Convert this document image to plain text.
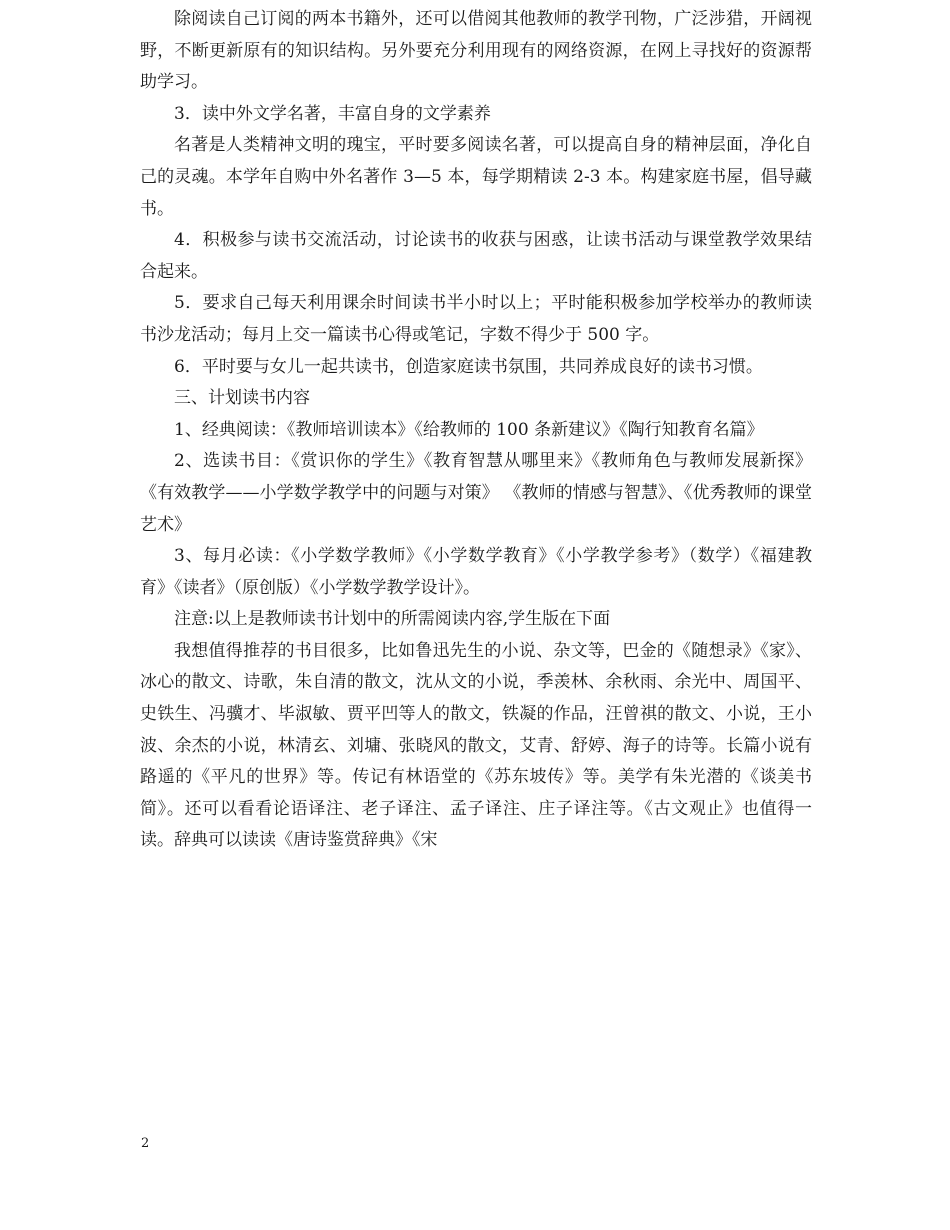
除阅读自己订阅的两本书籍外，还可以借阅其他教师的教学刊物，广泛涉猎，开阔视野，不断更新原有的知识结构。另外要充分利用现有的网络资源，在网上寻找好的资源帮助学习。

3．读中外文学名著，丰富自身的文学素养

名著是人类精神文明的瑰宝，平时要多阅读名著，可以提高自身的精神层面，净化自己的灵魂。本学年自购中外名著作 3—5 本，每学期精读 2-3 本。构建家庭书屋，倡导藏书。

4．积极参与读书交流活动，讨论读书的收获与困惑，让读书活动与课堂教学效果结合起来。

5．要求自己每天利用课余时间读书半小时以上；平时能积极参加学校举办的教师读书沙龙活动；每月上交一篇读书心得或笔记，字数不得少于 500 字。

6．平时要与女儿一起共读书，创造家庭读书氛围，共同养成良好的读书习惯。

三、计划读书内容

1、经典阅读：《教师培训读本》《给教师的 100 条新建议》《陶行知教育名篇》

2、选读书目：《赏识你的学生》《教育智慧从哪里来》《教师角色与教师发展新探》《有效教学——小学数学教学中的问题与对策》 《教师的情感与智慧》、《优秀教师的课堂艺术》

3、每月必读：《小学数学教师》《小学数学教育》《小学教学参考》（数学）《福建教育》《读者》（原创版）《小学数学教学设计》。

注意:以上是教师读书计划中的所需阅读内容,学生版在下面

我想值得推荐的书目很多，比如鲁迅先生的小说、杂文等，巴金的《随想录》《家》、冰心的散文、诗歌，朱自清的散文，沈从文的小说，季羡林、余秋雨、余光中、周国平、史铁生、冯骥才、毕淑敏、贾平凹等人的散文，铁凝的作品，汪曾祺的散文、小说，王小波、余杰的小说，林清玄、刘墉、张晓风的散文，艾青、舒婷、海子的诗等。长篇小说有路遥的《平凡的世界》等。传记有林语堂的《苏东坡传》等。美学有朱光潜的《谈美书简》。还可以看看论语译注、老子译注、孟子译注、庄子译注等。《古文观止》也值得一读。辞典可以读读《唐诗鉴赏辞典》《宋

2
